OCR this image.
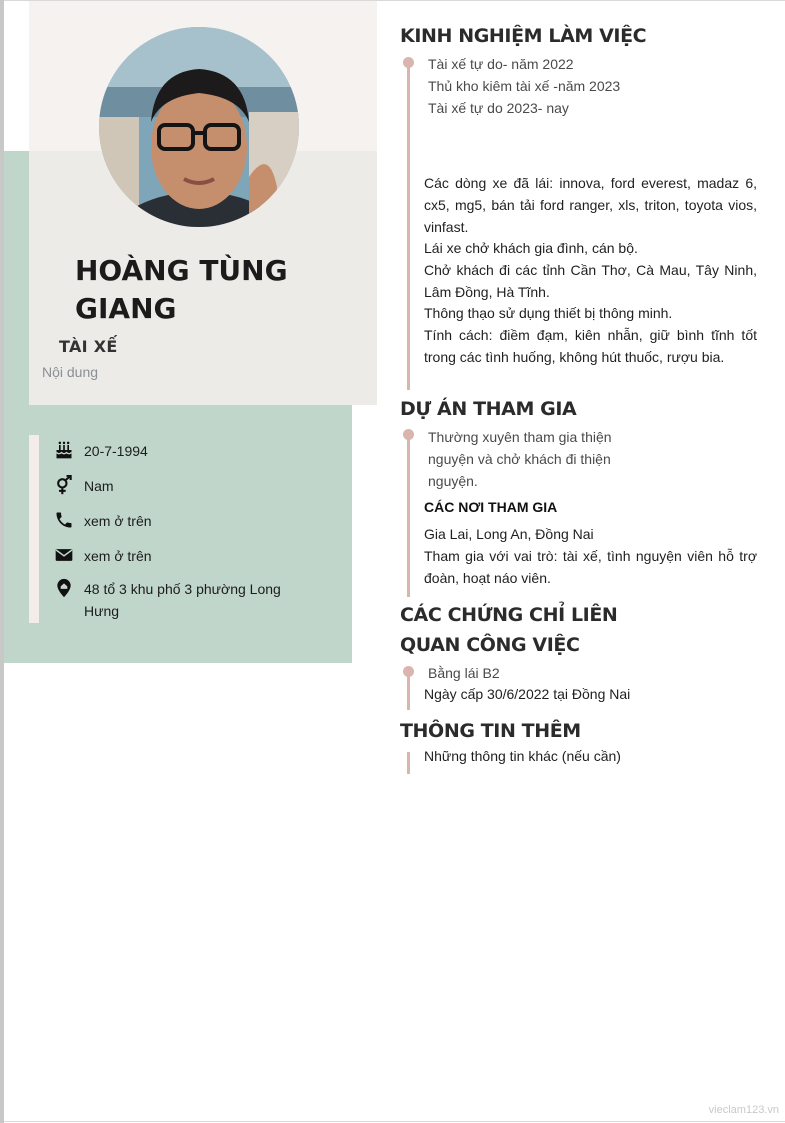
HOÀNG TÙNG GIANG
TÀI XẾ
Nội dung
20-7-1994
Nam
xem ở trên
xem ở trên
48 tổ 3 khu phố 3 phường Long Hưng
KINH NGHIỆM LÀM VIỆC
Tài xế tự do- năm 2022
Thủ kho kiêm tài xế -năm 2023
Tài xế tự do 2023- nay
Các dòng xe đã lái: innova, ford everest, madaz 6, cx5, mg5, bán tải ford ranger, xls, triton, toyota vios, vinfast.
Lái xe chở khách gia đình, cán bộ.
Chở khách đi các tỉnh Cần Thơ, Cà Mau, Tây Ninh, Lâm Đồng, Hà Tĩnh.
Thông thạo sử dụng thiết bị thông minh.
Tính cách: điềm đạm, kiên nhẫn, giữ bình tĩnh tốt trong các tình huống, không hút thuốc, rượu bia.
DỰ ÁN THAM GIA
Thường xuyên tham gia thiện nguyện và chở khách đi thiện nguyện.
CÁC NƠI THAM GIA
Gia Lai, Long An, Đồng Nai
Tham gia với vai trò: tài xế, tình nguyện viên hỗ trợ đoàn, hoạt náo viên.
CÁC CHỨNG CHỈ LIÊN QUAN CÔNG VIỆC
Bằng lái B2
Ngày cấp 30/6/2022 tại Đồng Nai
THÔNG TIN THÊM
Những thông tin khác (nếu cần)
vieclam123.vn
